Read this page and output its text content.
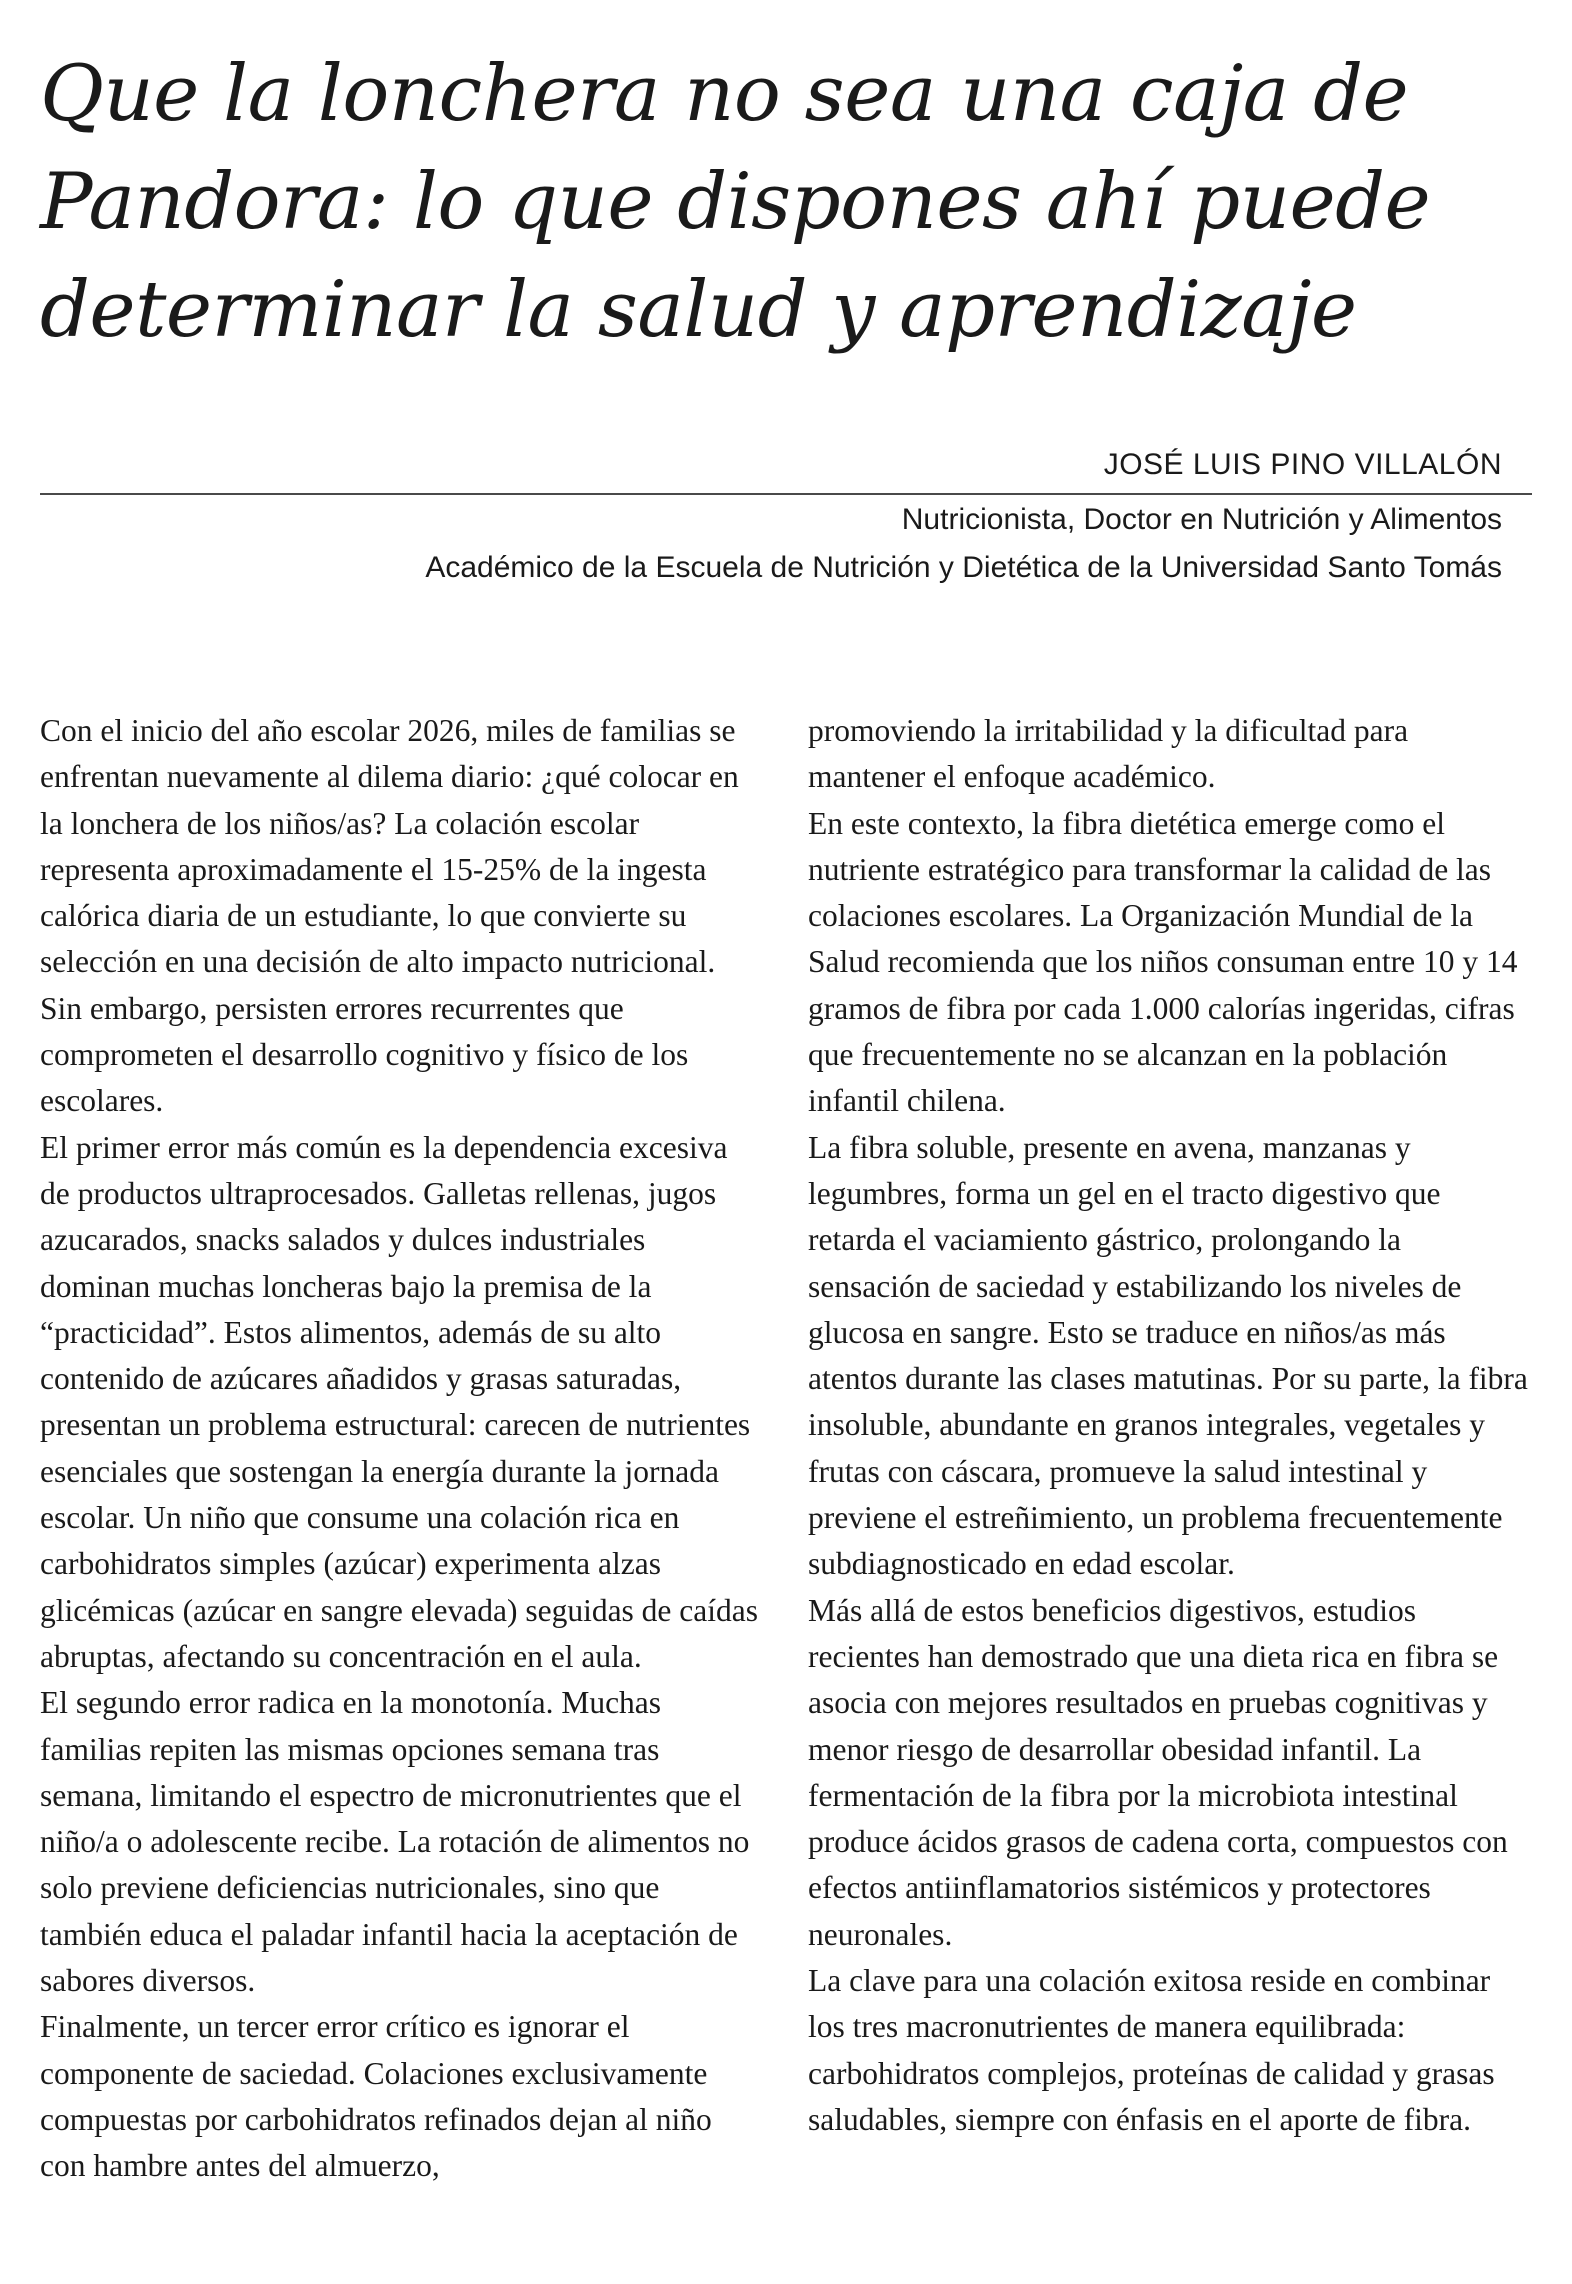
Que la lonchera no sea una caja de
Pandora: lo que dispones ahí puede
determinar la salud y aprendizaje
JOSÉ LUIS PINO VILLALÓN
Nutricionista, Doctor en Nutrición y Alimentos
Académico de la Escuela de Nutrición y Dietética de la Universidad Santo Tomás

Con el inicio del año escolar 2026, miles de familias se enfrentan nuevamente al dilema diario: ¿qué colocar en la lonchera de los niños/as? La colación escolar representa aproximadamente el 15-25% de la ingesta calórica diaria de un estudiante, lo que convierte su selección en una decisión de alto impacto nutricional. Sin embargo, persisten errores recurrentes que comprometen el desarrollo cognitivo y físico de los escolares.

El primer error más común es la dependencia excesiva de productos ultraprocesados. Galletas rellenas, jugos azucarados, snacks salados y dulces industriales dominan muchas loncheras bajo la premisa de la “practicidad”. Estos alimentos, además de su alto contenido de azúcares añadidos y grasas saturadas, presentan un problema estructural: carecen de nutrientes esenciales que sostengan la energía durante la jornada escolar. Un niño que consume una colación rica en carbohidratos simples (azúcar) experimenta alzas glicémicas (azúcar en sangre elevada) seguidas de caídas abruptas, afectando su concentración en el aula.

El segundo error radica en la monotonía. Muchas familias repiten las mismas opciones semana tras semana, limitando el espectro de micronutrientes que el niño/a o adolescente recibe. La rotación de alimentos no solo previene deficiencias nutricionales, sino que también educa el paladar infantil hacia la aceptación de sabores diversos.

Finalmente, un tercer error crítico es ignorar el componente de saciedad. Colaciones exclusivamente compuestas por carbohidratos refinados dejan al niño con hambre antes del almuerzo,

promoviendo la irritabilidad y la dificultad para mantener el enfoque académico.

En este contexto, la fibra dietética emerge como el nutriente estratégico para transformar la calidad de las colaciones escolares. La Organización Mundial de la Salud recomienda que los niños consuman entre 10 y 14 gramos de fibra por cada 1.000 calorías ingeridas, cifras que frecuentemente no se alcanzan en la población infantil chilena.

La fibra soluble, presente en avena, manzanas y legumbres, forma un gel en el tracto digestivo que retarda el vaciamiento gástrico, prolongando la sensación de saciedad y estabilizando los niveles de glucosa en sangre. Esto se traduce en niños/as más atentos durante las clases matutinas. Por su parte, la fibra insoluble, abundante en granos integrales, vegetales y frutas con cáscara, promueve la salud intestinal y previene el estreñimiento, un problema frecuentemente subdiagnosticado en edad escolar.

Más allá de estos beneficios digestivos, estudios recientes han demostrado que una dieta rica en fibra se asocia con mejores resultados en pruebas cognitivas y menor riesgo de desarrollar obesidad infantil. La fermentación de la fibra por la microbiota intestinal produce ácidos grasos de cadena corta, compuestos con efectos antiinflamatorios sistémicos y protectores neuronales.

La clave para una colación exitosa reside en combinar los tres macronutrientes de manera equilibrada: carbohidratos complejos, proteínas de calidad y grasas saludables, siempre con énfasis en el aporte de fibra.
